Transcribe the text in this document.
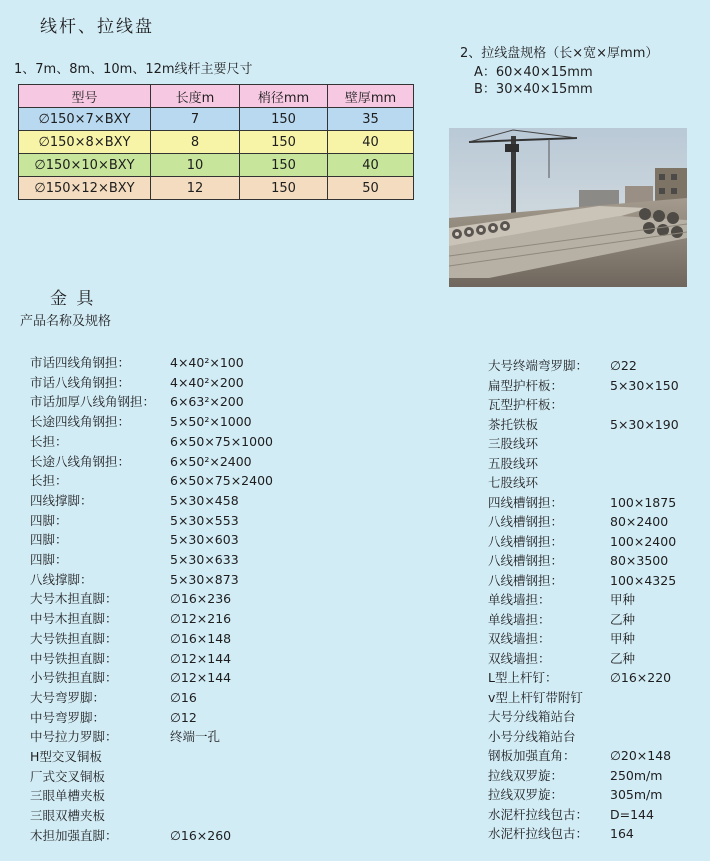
线杆、拉线盘
1、7m、8m、10m、12m线杆主要尺寸
2、拉线盘规格（长×宽×厚mm）
A：60×40×15mm
B：30×40×15mm
型号	长度m	梢径mm	壁厚mm
∅150×7×BXY	7	150	35
∅150×8×BXY	8	150	40
∅150×10×BXY	10	150	40
∅150×12×BXY	12	150	50
金 具
产品名称及规格
市话四线角钢担：	4×40²×100
市话八线角钢担：	4×40²×200
市话加厚八线角钢担： 6×63²×200
长途四线角钢担：	5×50²×1000
长担：	6×50×75×1000
长途八线角钢担：	6×50²×2400
长担：	6×50×75×2400
四线撑脚：	5×30×458
四脚：	5×30×553
四脚：	5×30×603
四脚：	5×30×633
八线撑脚：	5×30×873
大号木担直脚：	∅16×236
中号木担直脚：	∅12×216
大号铁担直脚：	∅16×148
中号铁担直脚：	∅12×144
小号铁担直脚：	∅12×144
大号弯罗脚：	∅16
中号弯罗脚：	∅12
中号拉力罗脚：	终端一孔
H型交叉铜板
厂式交叉铜板
三眼单槽夹板
三眼双槽夹板
木担加强直脚：	∅16×260
大号终端弯罗脚： ∅22
扁型护杆板：	5×30×150
瓦型护杆板：
茶托铁板	5×30×190
三股线环
五股线环
七股线环
四线槽钢担：	100×1875
八线槽钢担：	80×2400
八线槽钢担：	100×2400
八线槽钢担：	80×3500
八线槽钢担：	100×4325
单线墙担：	甲种
单线墙担：	乙种
双线墙担：	甲种
双线墙担：	乙种
L型上杆钉：	∅16×220
v型上杆钉带附钉
大号分线箱站台
小号分线箱站台
钢板加强直角：	∅20×148
拉线双罗旋：	250m/m
拉线双罗旋：	305m/m
水泥杆拉线包古： D=144
水泥杆拉线包古： 164
